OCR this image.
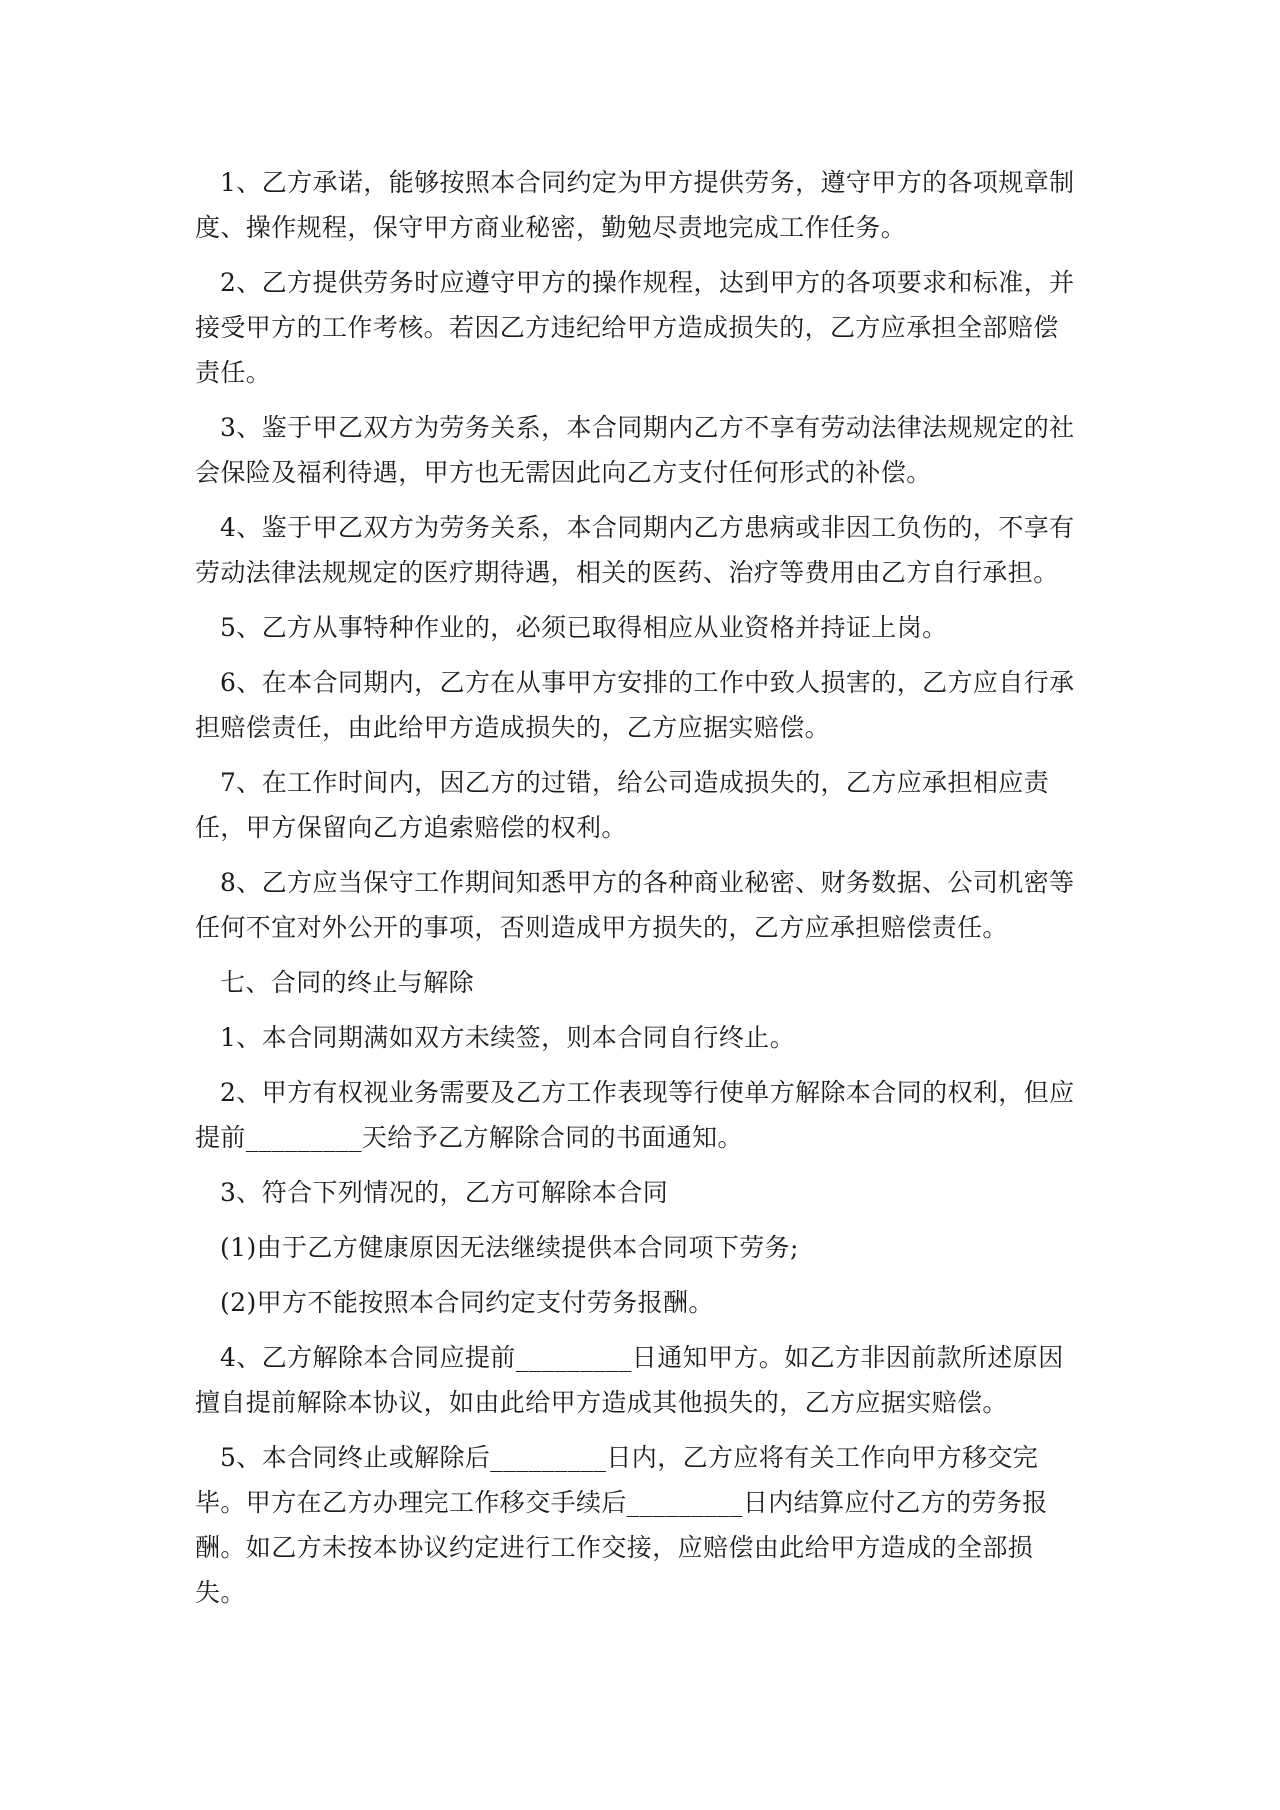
1、乙方承诺，能够按照本合同约定为甲方提供劳务，遵守甲方的各项规章制
度、操作规程，保守甲方商业秘密，勤勉尽责地完成工作任务。

2、乙方提供劳务时应遵守甲方的操作规程，达到甲方的各项要求和标准，并
接受甲方的工作考核。若因乙方违纪给甲方造成损失的，乙方应承担全部赔偿
责任。

3、鉴于甲乙双方为劳务关系，本合同期内乙方不享有劳动法律法规规定的社
会保险及福利待遇，甲方也无需因此向乙方支付任何形式的补偿。

4、鉴于甲乙双方为劳务关系，本合同期内乙方患病或非因工负伤的，不享有
劳动法律法规规定的医疗期待遇，相关的医药、治疗等费用由乙方自行承担。

5、乙方从事特种作业的，必须已取得相应从业资格并持证上岗。

6、在本合同期内，乙方在从事甲方安排的工作中致人损害的，乙方应自行承
担赔偿责任，由此给甲方造成损失的，乙方应据实赔偿。

7、在工作时间内，因乙方的过错，给公司造成损失的，乙方应承担相应责
任，甲方保留向乙方追索赔偿的权利。

8、乙方应当保守工作期间知悉甲方的各种商业秘密、财务数据、公司机密等
任何不宜对外公开的事项，否则造成甲方损失的，乙方应承担赔偿责任。

七、合同的终止与解除

1、本合同期满如双方未续签，则本合同自行终止。

2、甲方有权视业务需要及乙方工作表现等行使单方解除本合同的权利，但应
提前_________天给予乙方解除合同的书面通知。

3、符合下列情况的，乙方可解除本合同

(1)由于乙方健康原因无法继续提供本合同项下劳务;

(2)甲方不能按照本合同约定支付劳务报酬。

4、乙方解除本合同应提前_________日通知甲方。如乙方非因前款所述原因
擅自提前解除本协议，如由此给甲方造成其他损失的，乙方应据实赔偿。

5、本合同终止或解除后_________日内，乙方应将有关工作向甲方移交完
毕。甲方在乙方办理完工作移交手续后_________日内结算应付乙方的劳务报
酬。如乙方未按本协议约定进行工作交接，应赔偿由此给甲方造成的全部损
失。
